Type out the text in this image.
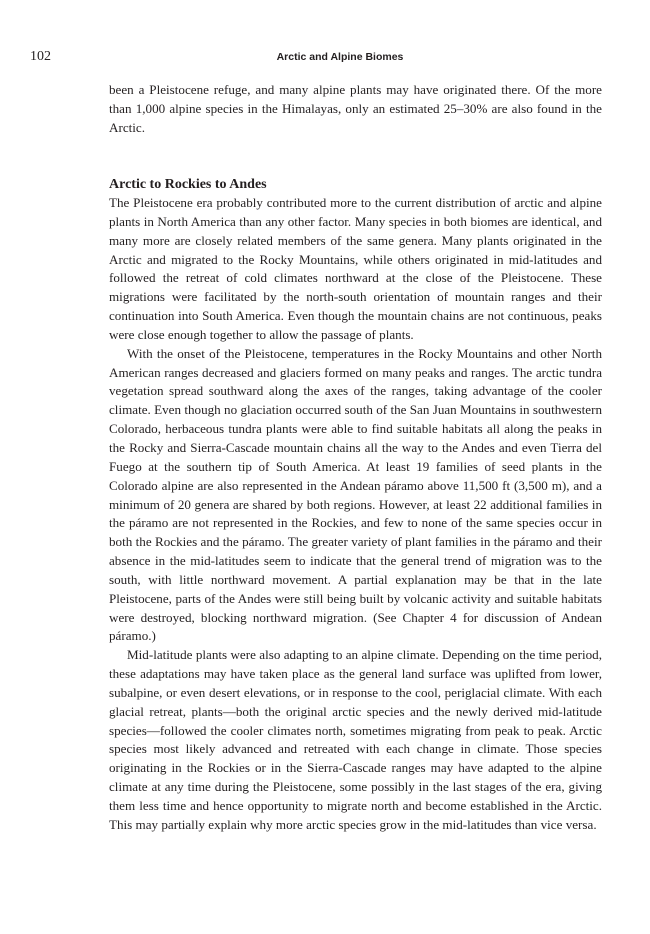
102	Arctic and Alpine Biomes

been a Pleistocene refuge, and many alpine plants may have originated there. Of the more than 1,000 alpine species in the Himalayas, only an estimated 25–30% are also found in the Arctic.

Arctic to Rockies to Andes

The Pleistocene era probably contributed more to the current distribution of arctic and alpine plants in North America than any other factor. Many species in both biomes are identical, and many more are closely related members of the same genera. Many plants originated in the Arctic and migrated to the Rocky Mountains, while others originated in mid-latitudes and followed the retreat of cold climates northward at the close of the Pleistocene. These migrations were facilitated by the north-south orientation of mountain ranges and their continuation into South America. Even though the mountain chains are not continuous, peaks were close enough together to allow the passage of plants.

With the onset of the Pleistocene, temperatures in the Rocky Mountains and other North American ranges decreased and glaciers formed on many peaks and ranges. The arctic tundra vegetation spread southward along the axes of the ranges, taking advantage of the cooler climate. Even though no glaciation occurred south of the San Juan Mountains in southwestern Colorado, herbaceous tundra plants were able to find suitable habitats all along the peaks in the Rocky and Sierra-Cascade mountain chains all the way to the Andes and even Tierra del Fuego at the southern tip of South America. At least 19 families of seed plants in the Colorado alpine are also represented in the Andean páramo above 11,500 ft (3,500 m), and a minimum of 20 genera are shared by both regions. However, at least 22 additional families in the páramo are not represented in the Rockies, and few to none of the same species occur in both the Rockies and the páramo. The greater variety of plant families in the páramo and their absence in the mid-latitudes seem to indicate that the general trend of migration was to the south, with little northward movement. A partial explanation may be that in the late Pleistocene, parts of the Andes were still being built by volcanic activity and suitable habitats were destroyed, blocking northward migration. (See Chapter 4 for discussion of Andean páramo.)

Mid-latitude plants were also adapting to an alpine climate. Depending on the time period, these adaptations may have taken place as the general land surface was uplifted from lower, subalpine, or even desert elevations, or in response to the cool, periglacial climate. With each glacial retreat, plants—both the original arctic species and the newly derived mid-latitude species—followed the cooler climates north, sometimes migrating from peak to peak. Arctic species most likely advanced and retreated with each change in climate. Those species originating in the Rockies or in the Sierra-Cascade ranges may have adapted to the alpine climate at any time during the Pleistocene, some possibly in the last stages of the era, giving them less time and hence opportunity to migrate north and become established in the Arctic. This may partially explain why more arctic species grow in the mid-latitudes than vice versa.
